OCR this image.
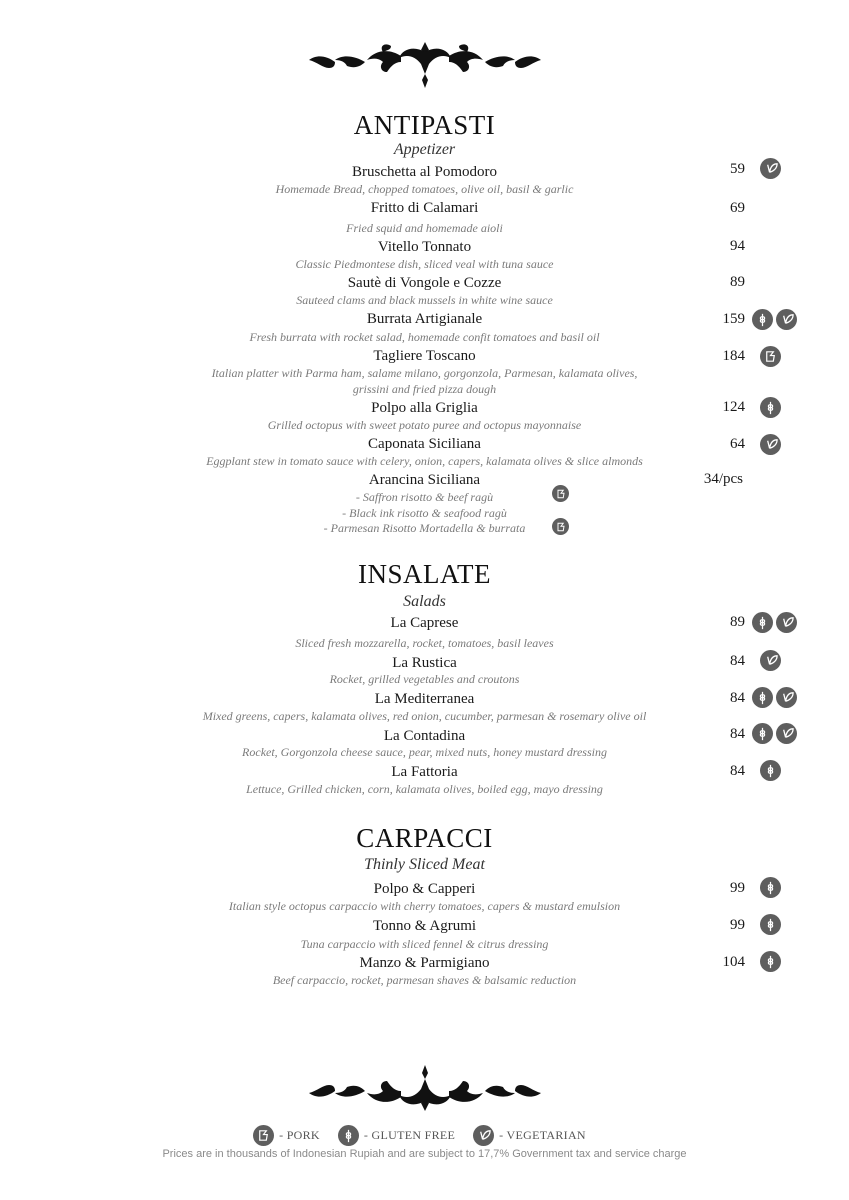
ANTIPASTI
Appetizer
Bruschetta al Pomodoro
Homemade Bread, chopped tomatoes, olive oil, basil & garlic
59
Fritto di Calamari
Fried squid and homemade aioli
69
Vitello Tonnato
Classic Piedmontese dish, sliced veal with tuna sauce
94
Sautè di Vongole e Cozze
Sauteed clams and black mussels in white wine sauce
89
Burrata Artigianale
Fresh burrata with rocket salad, homemade confit tomatoes and basil oil
159
Tagliere Toscano
Italian platter with Parma ham, salame milano, gorgonzola, Parmesan, kalamata olives,
grissini and fried pizza dough
184
Polpo alla Griglia
Grilled octopus with sweet potato puree and octopus mayonnaise
124
Caponata Siciliana
Eggplant stew in tomato sauce with celery, onion, capers, kalamata olives & slice almonds
64
Arancina Siciliana	34/pcs
- Saffron risotto & beef ragù
- Black ink risotto & seafood ragù
- Parmesan Risotto Mortadella & burrata
INSALATE
Salads
La Caprese
Sliced fresh mozzarella, rocket, tomatoes, basil leaves
89
La Rustica
Rocket, grilled vegetables and croutons
84
La Mediterranea
Mixed greens, capers, kalamata olives, red onion, cucumber, parmesan & rosemary olive oil
84
La Contadina
Rocket, Gorgonzola cheese sauce, pear, mixed nuts, honey mustard dressing
84
La Fattoria
Lettuce, Grilled chicken, corn, kalamata olives, boiled egg, mayo dressing
84
CARPACCI
Thinly Sliced Meat
Polpo & Capperi
Italian style octopus carpaccio with cherry tomatoes, capers & mustard emulsion
99
Tonno & Agrumi
Tuna carpaccio with sliced fennel & citrus dressing
99
Manzo & Parmigiano
Beef carpaccio, rocket, parmesan shaves & balsamic reduction
104
- PORK	- GLUTEN FREE	- VEGETARIAN
Prices are in thousands of Indonesian Rupiah and are subject to 17,7% Government tax and service charge
